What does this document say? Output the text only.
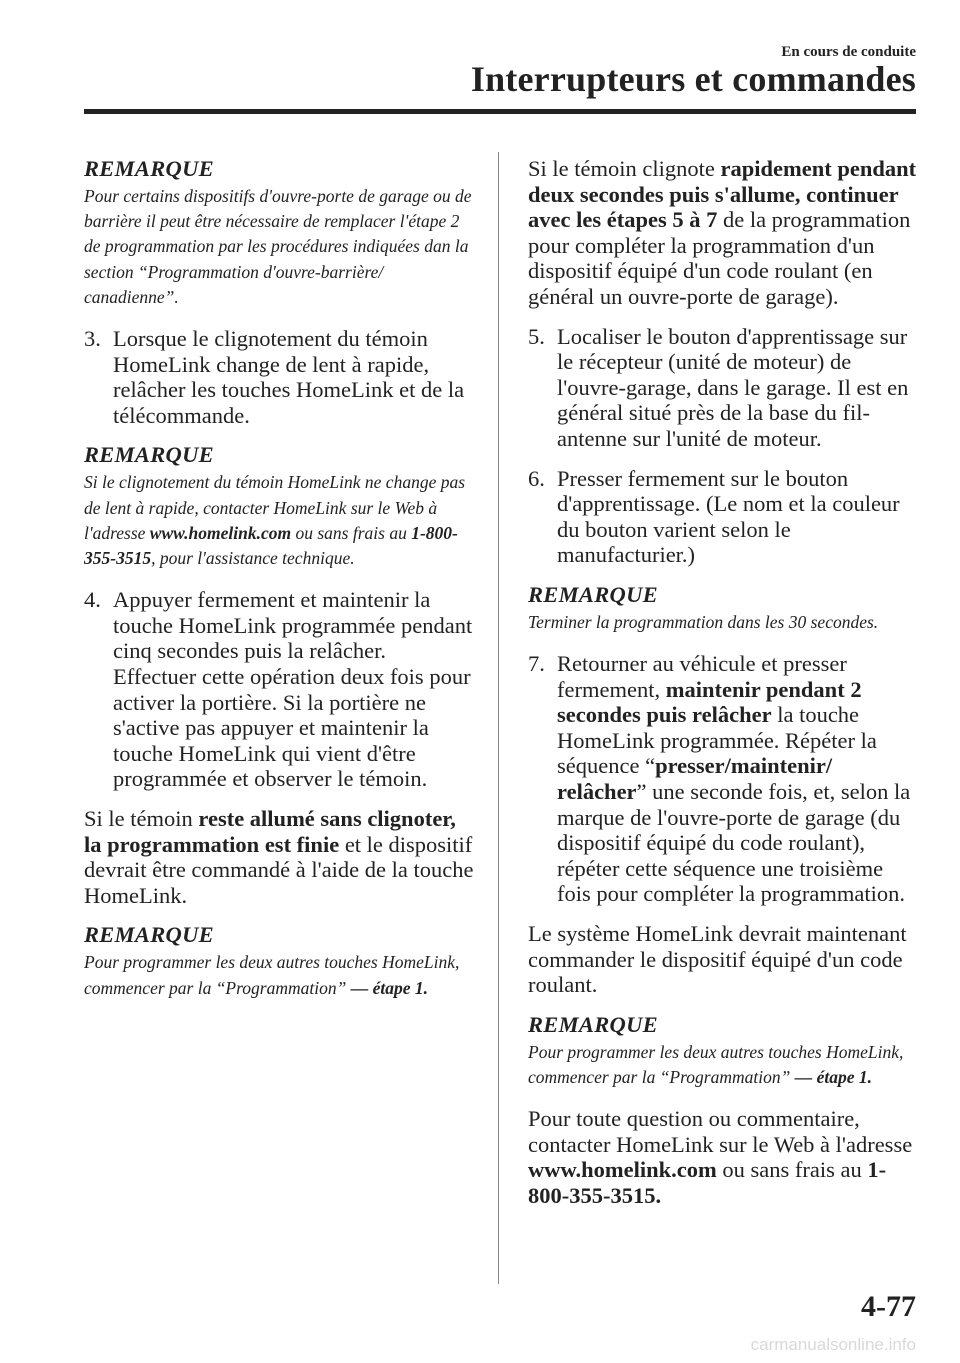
En cours de conduite
Interrupteurs et commandes
REMARQUE

Pour certains dispositifs d'ouvre-porte de garage ou de barrière il peut être nécessaire de remplacer l'étape 2 de programmation par les procédures indiquées dan la section “Programmation d'ouvre-barrière/ canadienne”.

3. Lorsque le clignotement du témoin HomeLink change de lent à rapide, relâcher les touches HomeLink et de la télécommande.
REMARQUE

Si le clignotement du témoin HomeLink ne change pas de lent à rapide, contacter HomeLink sur le Web à l'adresse www.homelink.com ou sans frais au 1-800-355-3515, pour l'assistance technique.

4. Appuyer fermement et maintenir la touche HomeLink programmée pendant cinq secondes puis la relâcher. Effectuer cette opération deux fois pour activer la portière. Si la portière ne s'active pas appuyer et maintenir la touche HomeLink qui vient d'être programmée et observer le témoin.

Si le témoin reste allumé sans clignoter, la programmation est finie et le dispositif devrait être commandé à l'aide de la touche HomeLink.

REMARQUE

Pour programmer les deux autres touches HomeLink, commencer par la “Programmation” — étape 1.

Si le témoin clignote rapidement pendant deux secondes puis s'allume, continuer avec les étapes 5 à 7 de la programmation pour compléter la programmation d'un dispositif équipé d'un code roulant (en général un ouvre-porte de garage).

5. Localiser le bouton d'apprentissage sur le récepteur (unité de moteur) de l'ouvre-garage, dans le garage. Il est en général situé près de la base du fil-antenne sur l'unité de moteur.
6. Presser fermement sur le bouton d'apprentissage. (Le nom et la couleur du bouton varient selon le manufacturier.)
REMARQUE

Terminer la programmation dans les 30 secondes.

7. Retourner au véhicule et presser fermement, maintenir pendant 2 secondes puis relâcher la touche HomeLink programmée. Répéter la séquence “presser/maintenir/ relâcher” une seconde fois, et, selon la marque de l'ouvre-porte de garage (du dispositif équipé du code roulant), répéter cette séquence une troisième fois pour compléter la programmation.

Le système HomeLink devrait maintenant commander le dispositif équipé d'un code roulant.

REMARQUE

Pour programmer les deux autres touches HomeLink, commencer par la “Programmation” — étape 1.

Pour toute question ou commentaire, contacter HomeLink sur le Web à l'adresse www.homelink.com ou sans frais au 1-800-355-3515.

4-77
carmanualsonline.info
